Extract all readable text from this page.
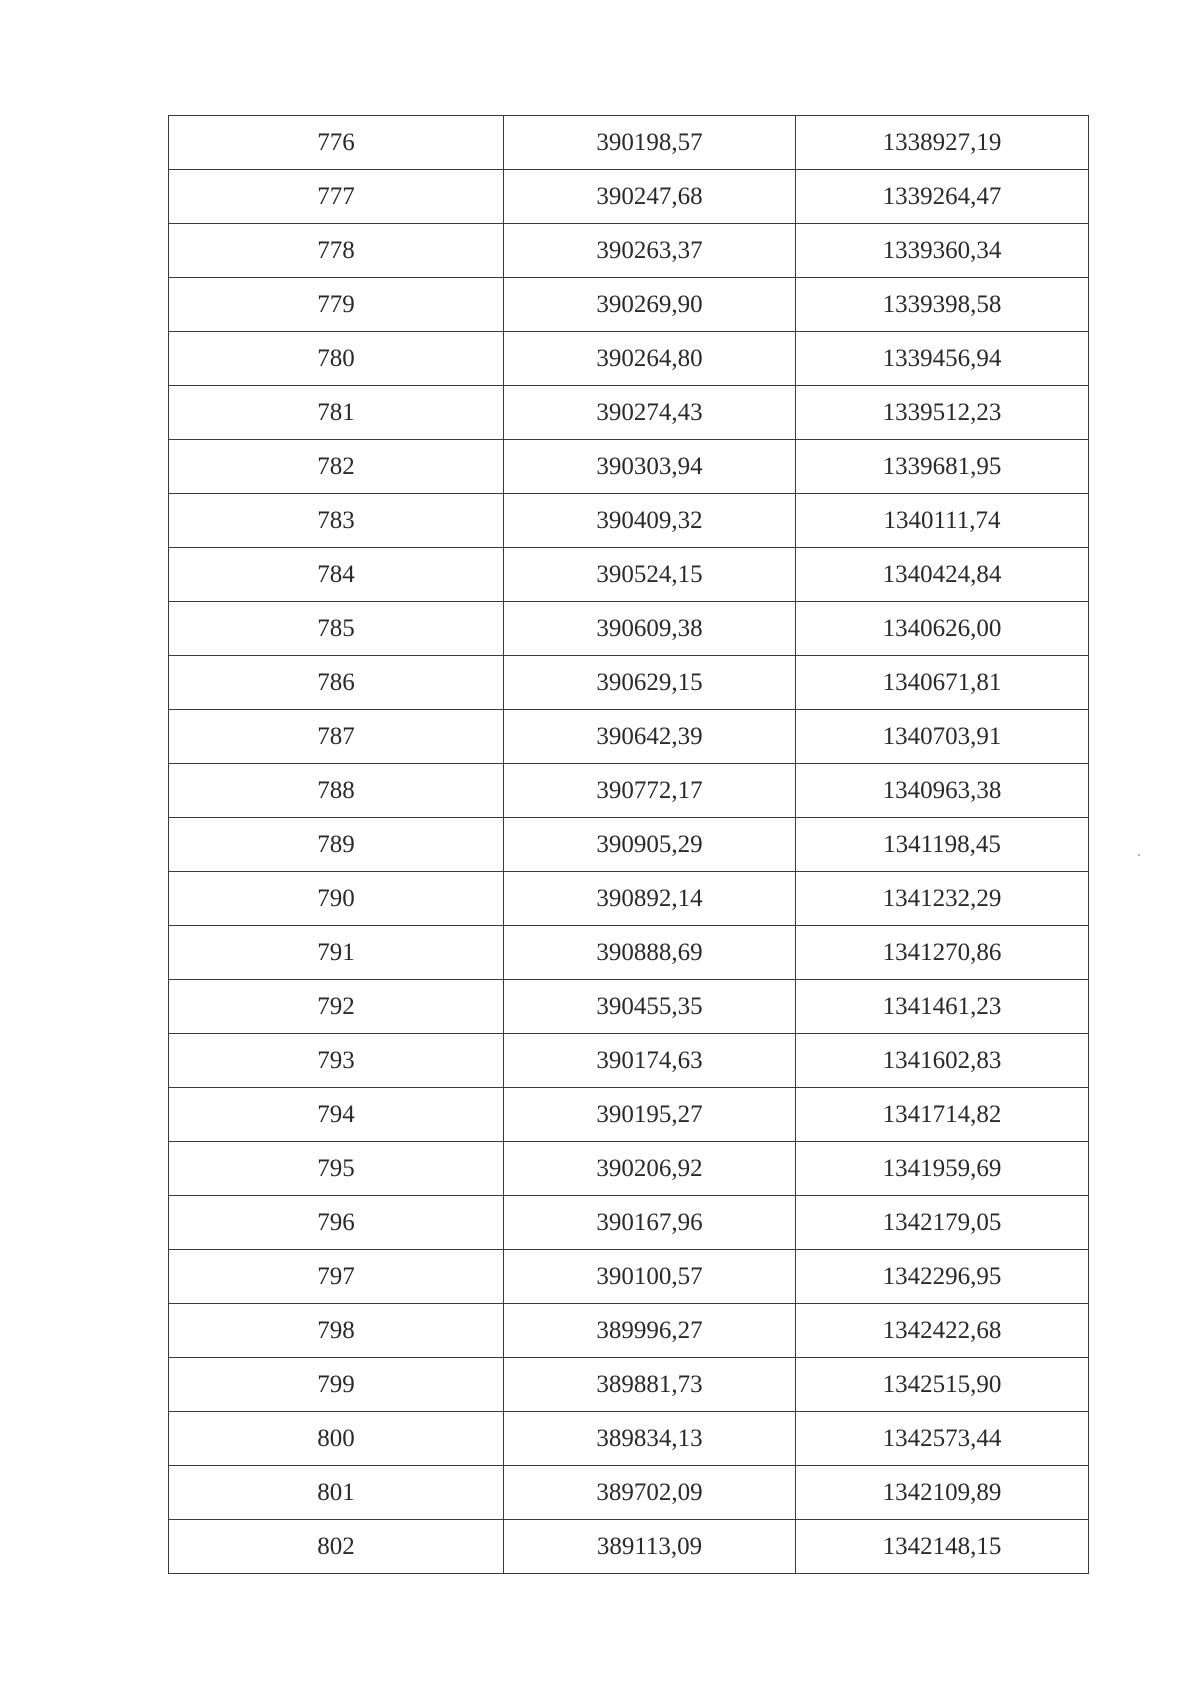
776	390198,57	1338927,19
777	390247,68	1339264,47
778	390263,37	1339360,34
779	390269,90	1339398,58
780	390264,80	1339456,94
781	390274,43	1339512,23
782	390303,94	1339681,95
783	390409,32	1340111,74
784	390524,15	1340424,84
785	390609,38	1340626,00
786	390629,15	1340671,81
787	390642,39	1340703,91
788	390772,17	1340963,38
789	390905,29	1341198,45
790	390892,14	1341232,29
791	390888,69	1341270,86
792	390455,35	1341461,23
793	390174,63	1341602,83
794	390195,27	1341714,82
795	390206,92	1341959,69
796	390167,96	1342179,05
797	390100,57	1342296,95
798	389996,27	1342422,68
799	389881,73	1342515,90
800	389834,13	1342573,44
801	389702,09	1342109,89
802	389113,09	1342148,15
